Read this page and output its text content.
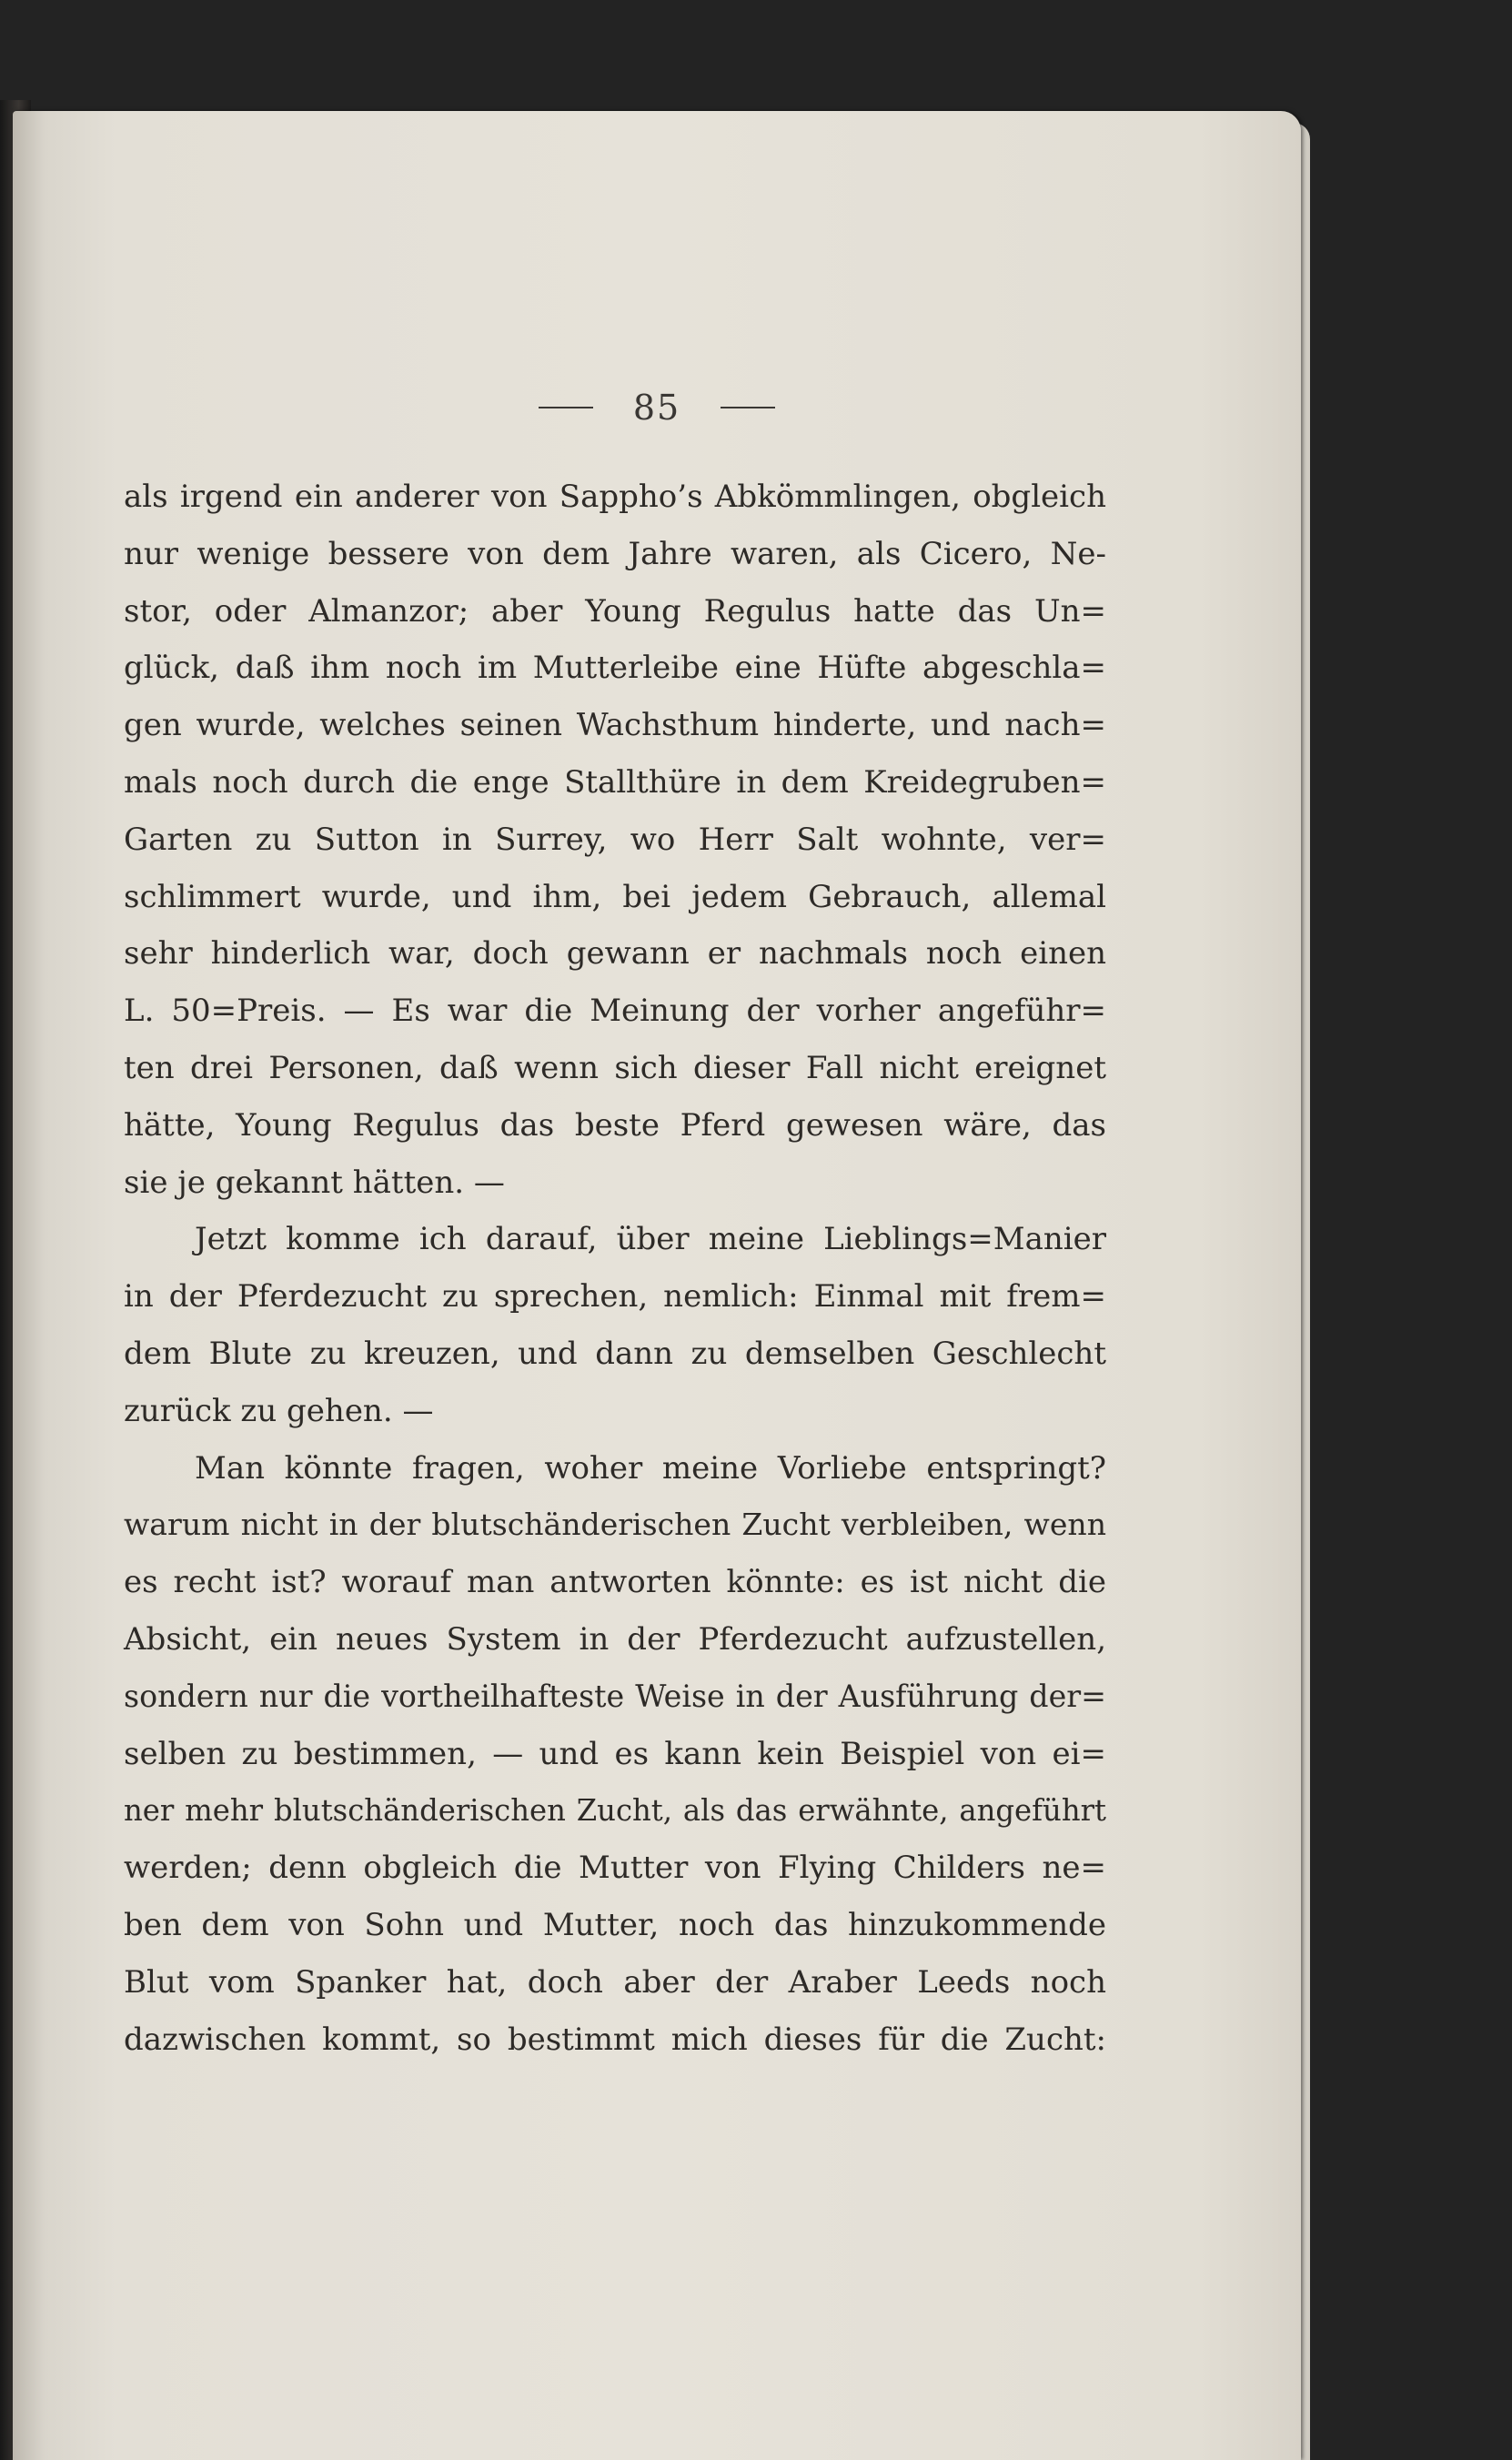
85
als irgend ein anderer von Sappho’s Abkömmlingen, obgleich
nur wenige bessere von dem Jahre waren, als Cicero, Ne-
stor, oder Almanzor; aber Young Regulus hatte das Un=
glück, daß ihm noch im Mutterleibe eine Hüfte abgeschla=
gen wurde, welches seinen Wachsthum hinderte, und nach=
mals noch durch die enge Stallthüre in dem Kreidegruben=
Garten zu Sutton in Surrey, wo Herr Salt wohnte, ver=
schlimmert wurde, und ihm, bei jedem Gebrauch, allemal
sehr hinderlich war, doch gewann er nachmals noch einen
L. 50=Preis. — Es war die Meinung der vorher angeführ=
ten drei Personen, daß wenn sich dieser Fall nicht ereignet
hätte, Young Regulus das beste Pferd gewesen wäre, das
sie je gekannt hätten. —
Jetzt komme ich darauf, über meine Lieblings=Manier
in der Pferdezucht zu sprechen, nemlich: Einmal mit frem=
dem Blute zu kreuzen, und dann zu demselben Geschlecht
zurück zu gehen. —
Man könnte fragen, woher meine Vorliebe entspringt?
warum nicht in der blutschänderischen Zucht verbleiben, wenn
es recht ist? worauf man antworten könnte: es ist nicht die
Absicht, ein neues System in der Pferdezucht aufzustellen,
sondern nur die vortheilhafteste Weise in der Ausführung der=
selben zu bestimmen, — und es kann kein Beispiel von ei=
ner mehr blutschänderischen Zucht, als das erwähnte, angeführt
werden; denn obgleich die Mutter von Flying Childers ne=
ben dem von Sohn und Mutter, noch das hinzukommende
Blut vom Spanker hat, doch aber der Araber Leeds noch
dazwischen kommt, so bestimmt mich dieses für die Zucht:
